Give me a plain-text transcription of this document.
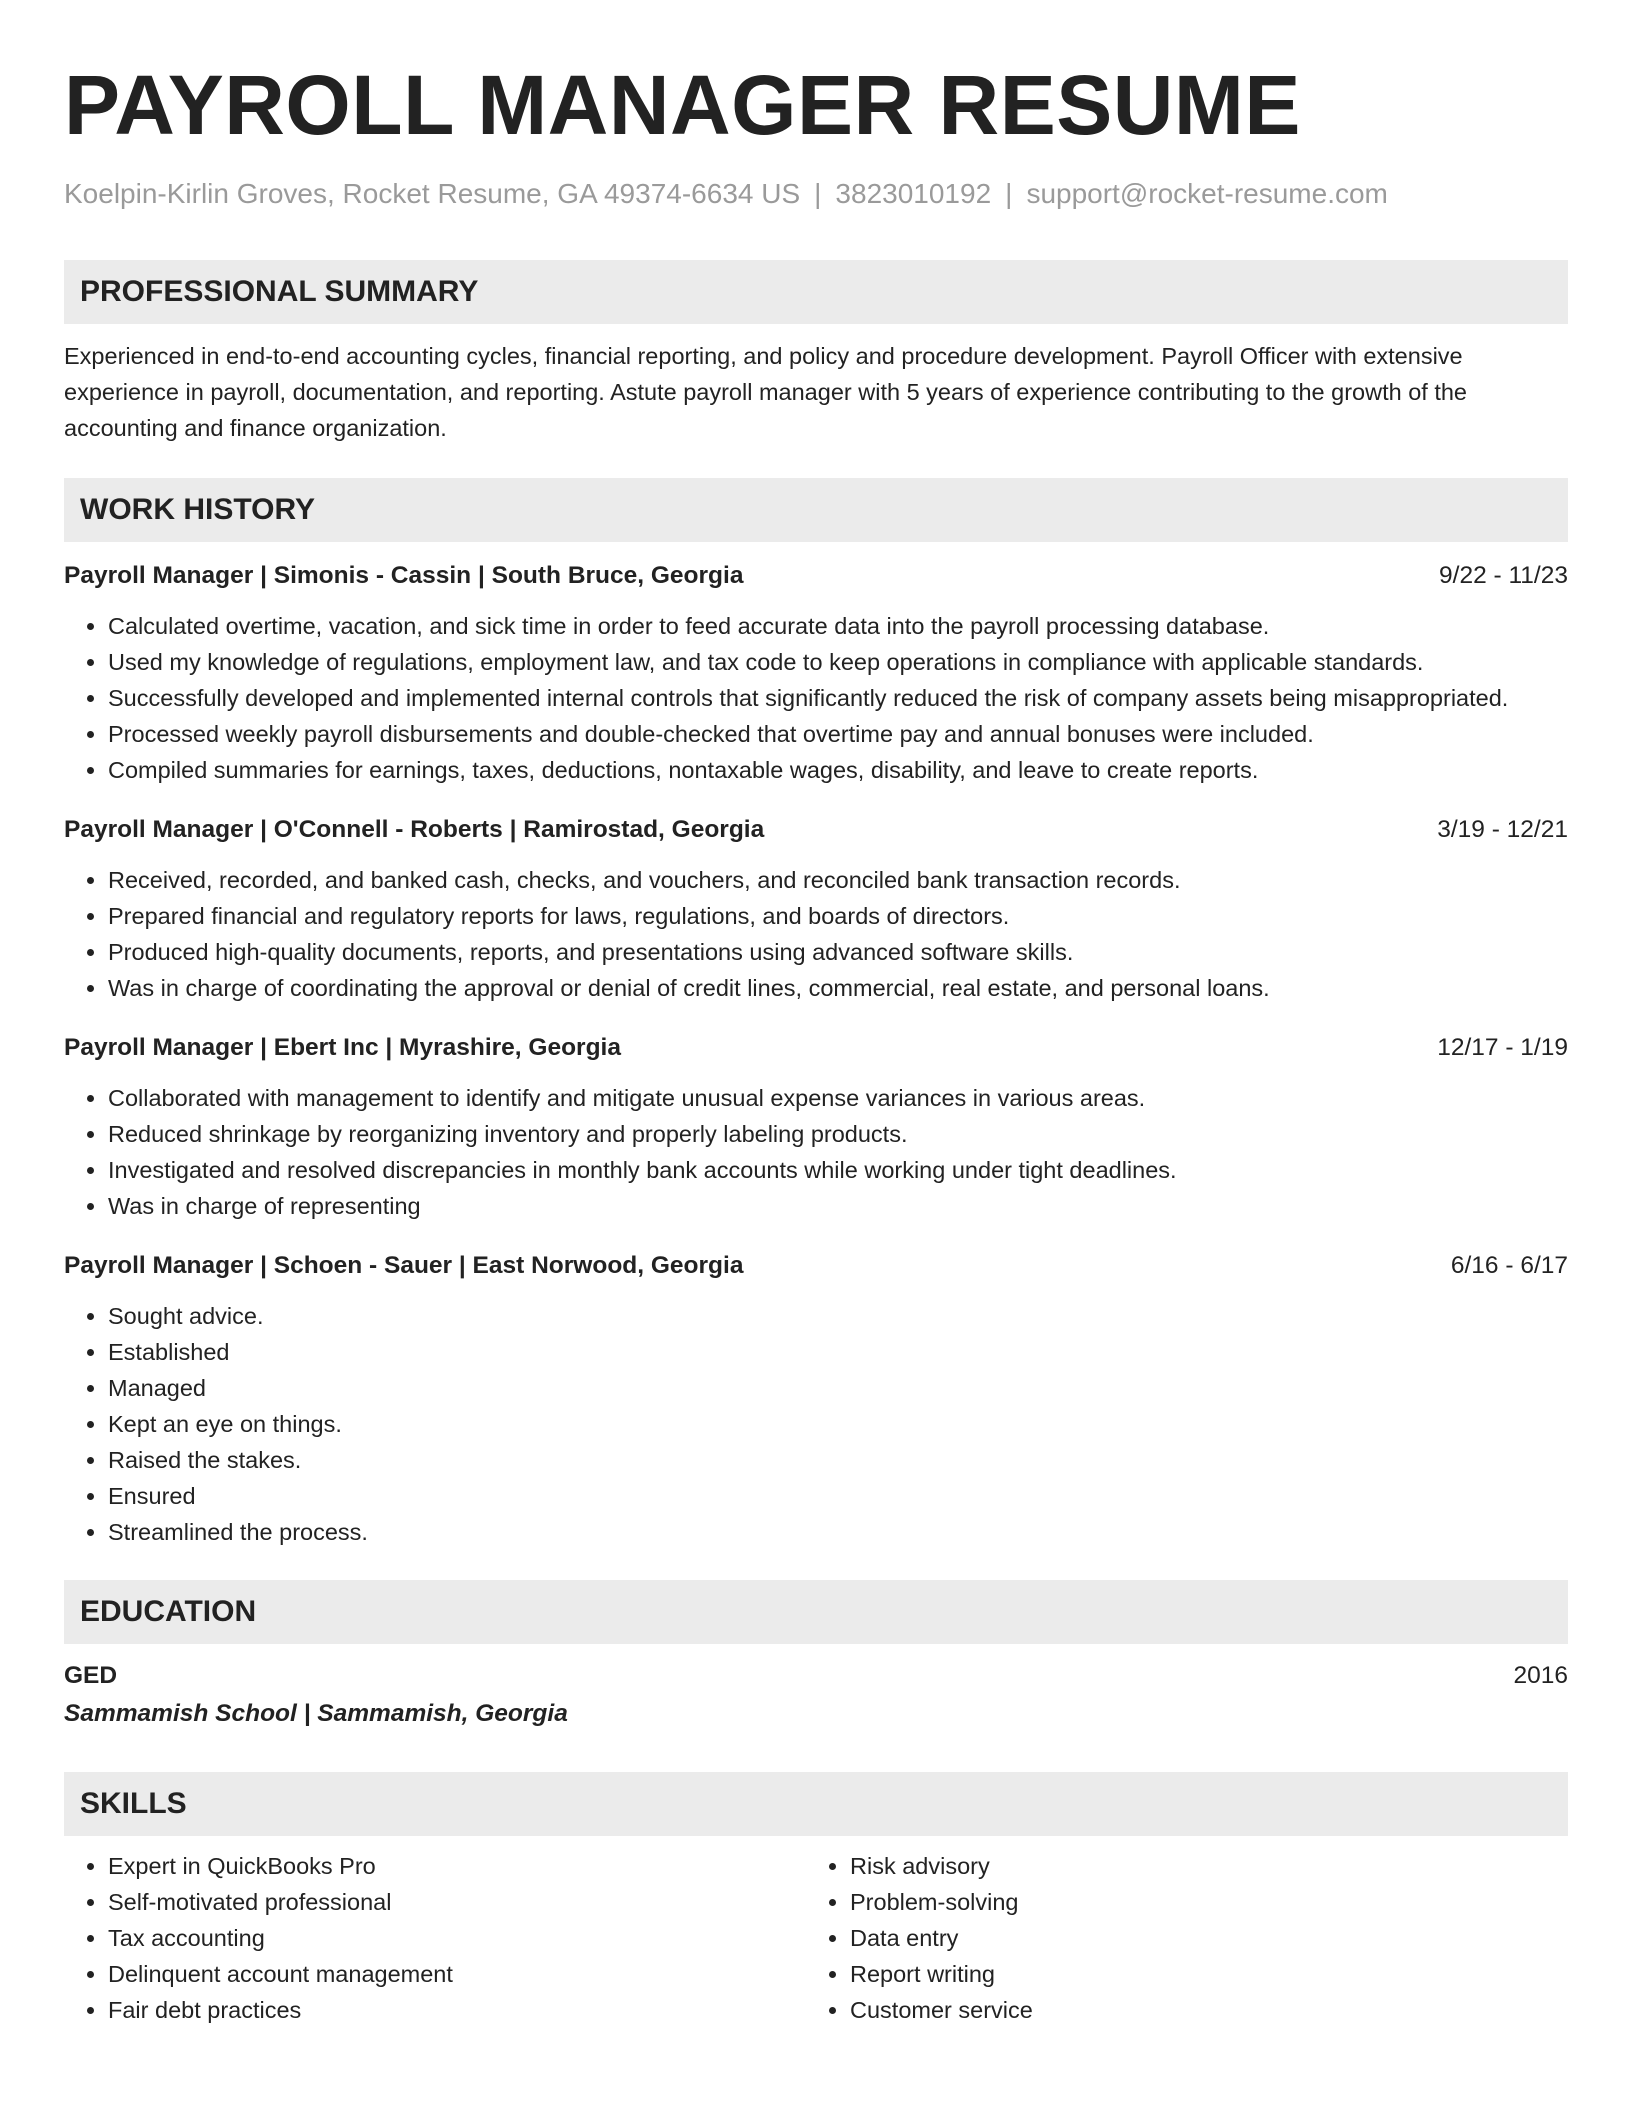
PAYROLL MANAGER RESUME
Koelpin-Kirlin Groves, Rocket Resume, GA 49374-6634 US | 3823010192 | support@rocket-resume.com
PROFESSIONAL SUMMARY
Experienced in end-to-end accounting cycles, financial reporting, and policy and procedure development. Payroll Officer with extensive experience in payroll, documentation, and reporting. Astute payroll manager with 5 years of experience contributing to the growth of the accounting and finance organization.
WORK HISTORY
Payroll Manager | Simonis - Cassin | South Bruce, Georgia	9/22 - 11/23
• Calculated overtime, vacation, and sick time in order to feed accurate data into the payroll processing database.
• Used my knowledge of regulations, employment law, and tax code to keep operations in compliance with applicable standards.
• Successfully developed and implemented internal controls that significantly reduced the risk of company assets being misappropriated.
• Processed weekly payroll disbursements and double-checked that overtime pay and annual bonuses were included.
• Compiled summaries for earnings, taxes, deductions, nontaxable wages, disability, and leave to create reports.
Payroll Manager | O'Connell - Roberts | Ramirostad, Georgia	3/19 - 12/21
• Received, recorded, and banked cash, checks, and vouchers, and reconciled bank transaction records.
• Prepared financial and regulatory reports for laws, regulations, and boards of directors.
• Produced high-quality documents, reports, and presentations using advanced software skills.
• Was in charge of coordinating the approval or denial of credit lines, commercial, real estate, and personal loans.
Payroll Manager | Ebert Inc | Myrashire, Georgia	12/17 - 1/19
• Collaborated with management to identify and mitigate unusual expense variances in various areas.
• Reduced shrinkage by reorganizing inventory and properly labeling products.
• Investigated and resolved discrepancies in monthly bank accounts while working under tight deadlines.
• Was in charge of representing
Payroll Manager | Schoen - Sauer | East Norwood, Georgia	6/16 - 6/17
• Sought advice.
• Established
• Managed
• Kept an eye on things.
• Raised the stakes.
• Ensured
• Streamlined the process.
EDUCATION
GED	2016
Sammamish School | Sammamish, Georgia
SKILLS
• Expert in QuickBooks Pro
• Self-motivated professional
• Tax accounting
• Delinquent account management
• Fair debt practices
• Risk advisory
• Problem-solving
• Data entry
• Report writing
• Customer service
